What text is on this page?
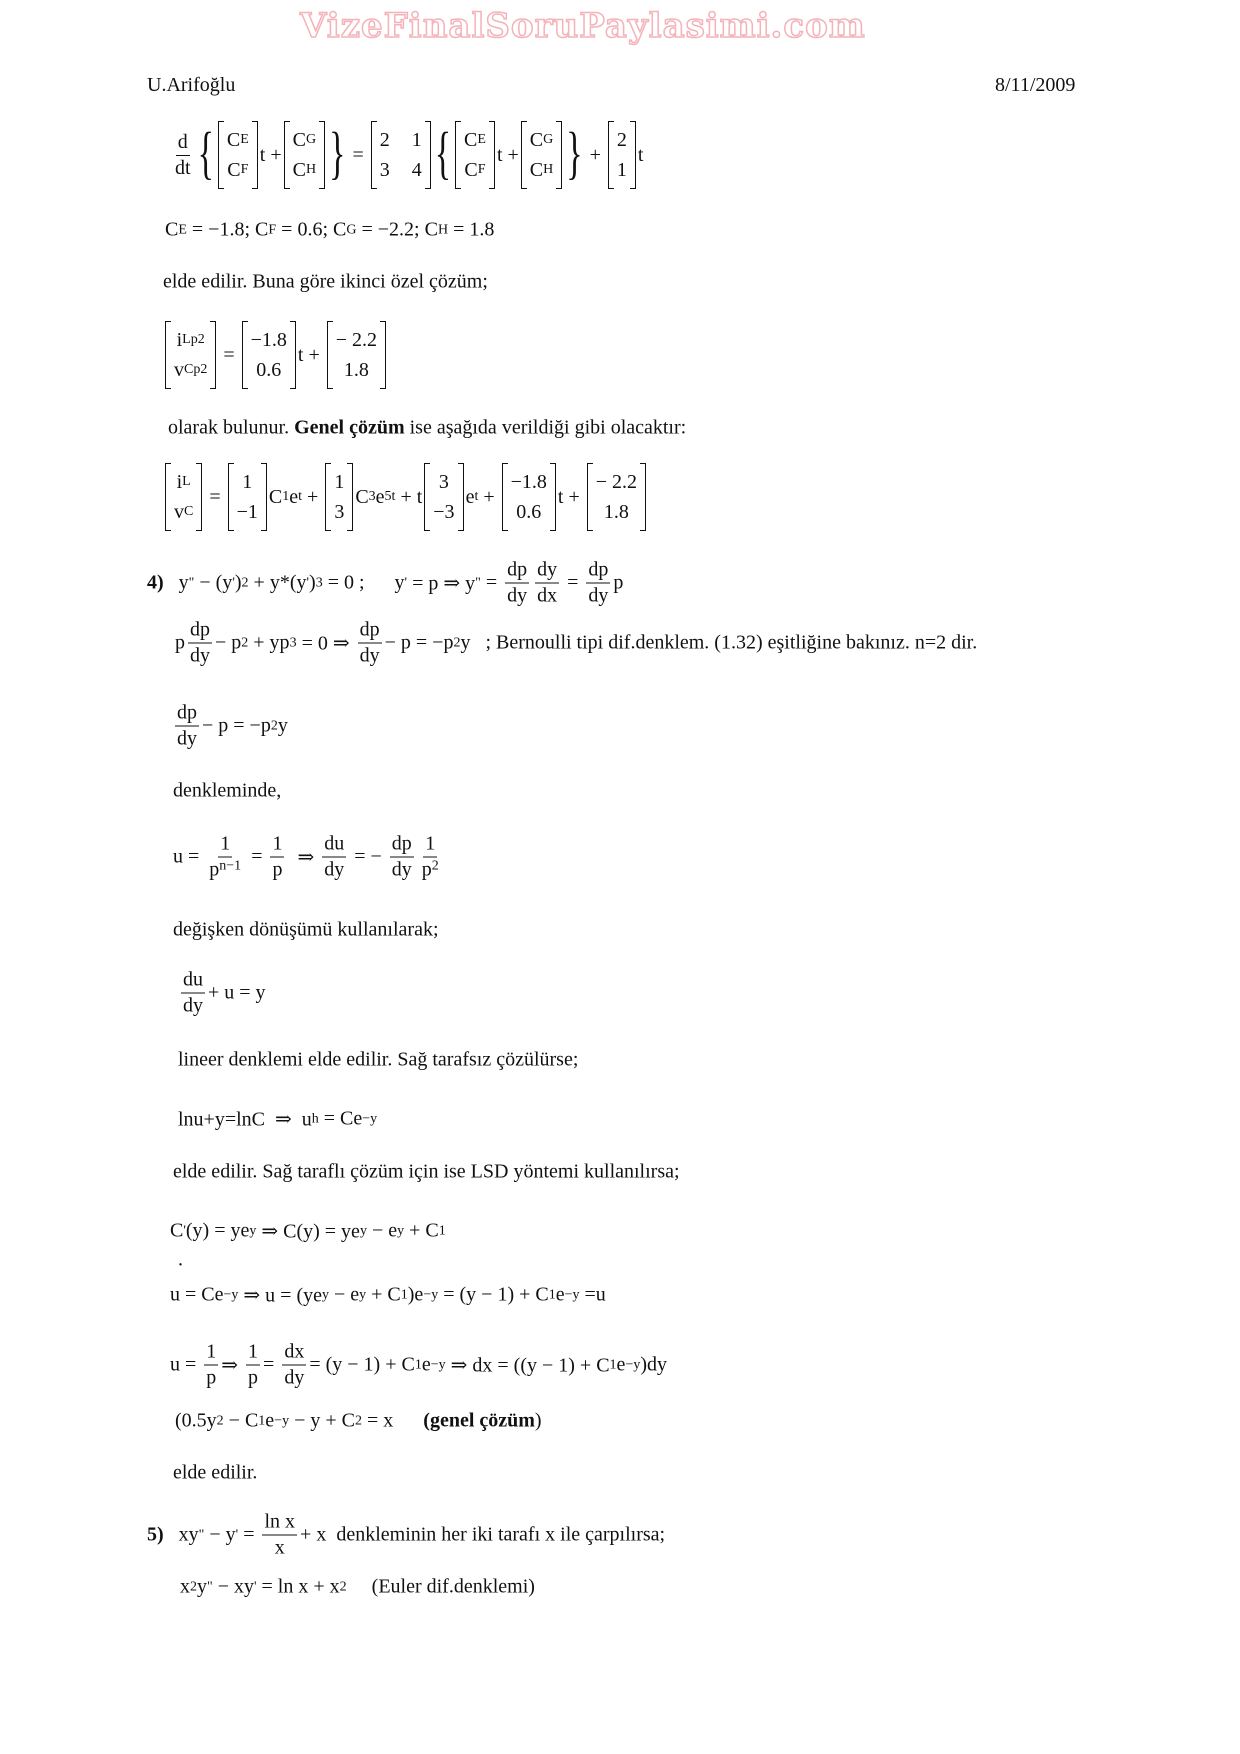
VizeFinalSoruPaylasimi.com
U.Arifoğlu	8/11/2009
$\frac{d}{dt}$ { C E
C F
t +
C G
C H } =
2 1
3 4 { C E
C F
t +
C G
C H } +
2
1
t
C E = −1.8; C F = 0.6; C G = −2.2; C H = 1.8
elde edilir. Buna göre ikinci özel çözüm;
i Lp2
v Cp2
=
−1.8
0.6
t +
− 2.2
1.8
olarak bulunur. Genel çözüm ise aşağıda verildiği gibi olacaktır:
i L
v C
=
1
−1
C 1 e t +
1
3
C 3 e 5t + t
3
−3
e t +
−1.8
0.6
t +
− 2.2
1.8
4) y " − (y ' ) 2 + y*(y ' ) 3 = 0 ;      y ' = p ⇒ y " = $\frac{dp}{dy} \frac{dy}{dx} = \frac{dp}{dy}$ p
p $\frac{dp}{dy} - p$ 2 + yp 3 = 0 ⇒ $\frac{dp}{dy} - p = -p$ 2 y   ; Bernoulli tipi dif.denklem. (1.32) eşitliğine bakınız. n=2 dir.
$\frac{dp}{dy} - p = -p$ 2 y
denkleminde,
$u = \frac{1}{\text{p n−1}} = \frac{1}{p}$ ⇒ $\frac{du}{dy}$ = − $\frac{dp}{dy} \frac{1}{p 2}$
değişken dönüşümü kullanılarak;
$\frac{du}{dy} + u = y$
lineer denklemi elde edilir. Sağ tarafsız çözülürse;
lnu+y=lnC  ⇒  u h = Ce −y
elde edilir. Sağ taraflı çözüm için ise LSD yöntemi kullanılırsa;
C ' (y) = ye y ⇒ C(y) = ye y − e y + C 1
.
u = Ce −y ⇒ u = (ye y − e y + C 1 )e −y = (y − 1) + C 1 e −y =u
$u = \frac{1}{p}$ ⇒ $\frac{1}{p} = \frac{dx}{dy} = (y - 1) + C$ 1 e −y ⇒ dx = ((y − 1) + C 1 e −y )dy
(0.5y 2 − C 1 e −y − y + C 2 = x (genel çözüm )
elde edilir.
5) xy " − y ' = $\frac{\text{ln x}}{x} + x$  denkleminin her iki tarafı x ile çarpılırsa;
x 2 y " − xy ' = ln x + x 2 (Euler dif.denklemi)
